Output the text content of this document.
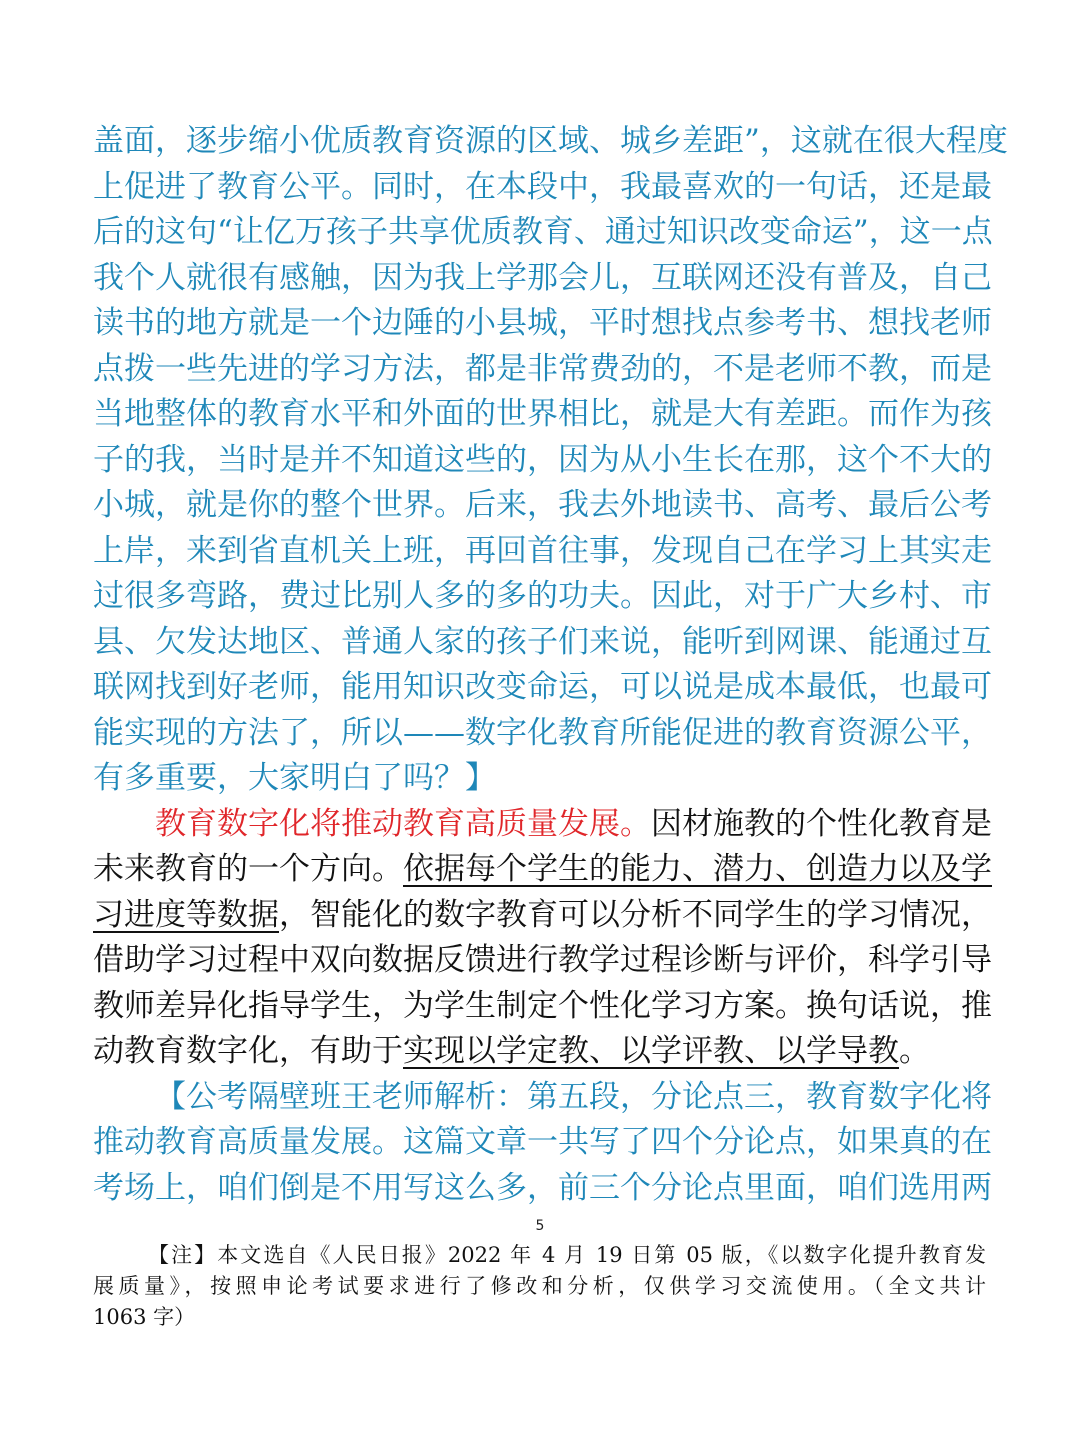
盖面，逐步缩小优质教育资源的区域、城乡差距”，这就在很大程度
上促进了教育公平。同时，在本段中，我最喜欢的一句话，还是最
后的这句“让亿万孩子共享优质教育、通过知识改变命运”，这一点
我个人就很有感触，因为我上学那会儿，互联网还没有普及，自己
读书的地方就是一个边陲的小县城，平时想找点参考书、想找老师
点拨一些先进的学习方法，都是非常费劲的，不是老师不教，而是
当地整体的教育水平和外面的世界相比，就是大有差距。而作为孩
子的我，当时是并不知道这些的，因为从小生长在那，这个不大的
小城，就是你的整个世界。后来，我去外地读书、高考、最后公考
上岸，来到省直机关上班，再回首往事，发现自己在学习上其实走
过很多弯路，费过比别人多的多的功夫。因此，对于广大乡村、市
县、欠发达地区、普通人家的孩子们来说，能听到网课、能通过互
联网找到好老师，能用知识改变命运，可以说是成本最低，也最可
能实现的方法了，所以——数字化教育所能促进的教育资源公平，
有多重要，大家明白了吗？】
教育数字化将推动教育高质量发展。因材施教的个性化教育是
未来教育的一个方向。依据每个学生的能力、潜力、创造力以及学
习进度等数据，智能化的数字教育可以分析不同学生的学习情况，
借助学习过程中双向数据反馈进行教学过程诊断与评价，科学引导
教师差异化指导学生，为学生制定个性化学习方案。换句话说，推
动教育数字化，有助于实现以学定教、以学评教、以学导教。
【公考隔壁班王老师解析：第五段，分论点三，教育数字化将
推动教育高质量发展。这篇文章一共写了四个分论点，如果真的在
考场上，咱们倒是不用写这么多，前三个分论点里面，咱们选用两
5
【注】本文选自《人民日报》2022 年 4 月 19 日第 05 版，《以数字化提升教育发
展质量》，按照申论考试要求进行了修改和分析，仅供学习交流使用。（全文共计
1063 字）
